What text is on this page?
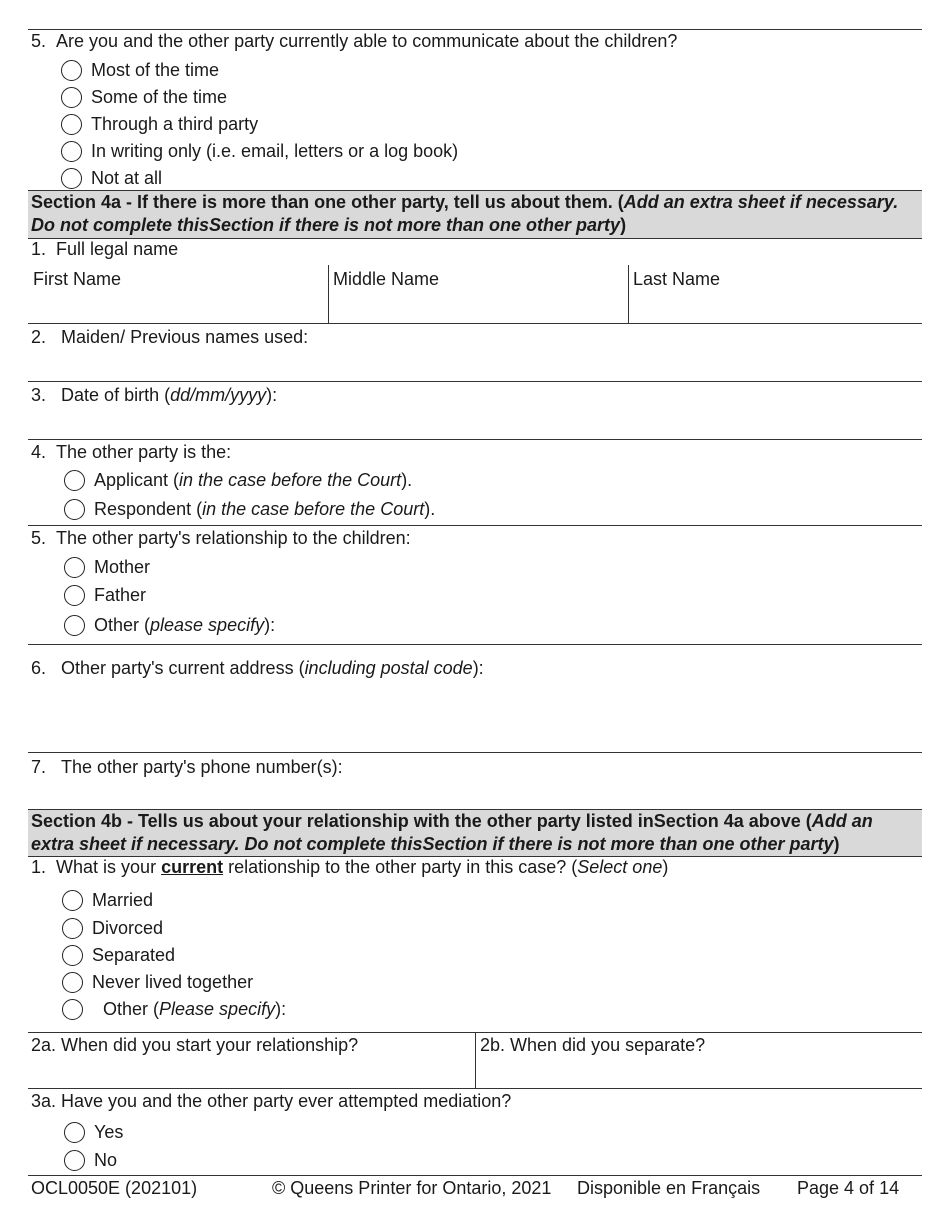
5. Are you and the other party currently able to communicate about the children?
Most of the time
Some of the time
Through a third party
In writing only (i.e. email, letters or a log book)
Not at all
Section 4a - If there is more than one other party, tell us about them. (Add an extra sheet if necessary. Do not complete thisSection if there is not more than one other party)
1. Full legal name
First Name	Middle Name	Last Name
2. Maiden/ Previous names used:
3. Date of birth (dd/mm/yyyy):
4. The other party is the:
Applicant (in the case before the Court).
Respondent (in the case before the Court).
5. The other party's relationship to the children:
Mother
Father
Other (please specify):
6. Other party's current address (including postal code):
7. The other party's phone number(s):
Section 4b - Tells us about your relationship with the other party listed inSection 4a above (Add an extra sheet if necessary. Do not complete thisSection if there is not more than one other party)
1. What is your current relationship to the other party in this case? (Select one)
Married
Divorced
Separated
Never lived together
Other (Please specify):
2a. When did you start your relationship?	2b. When did you separate?
3a. Have you and the other party ever attempted mediation?
Yes
No
OCL0050E (202101)	© Queens Printer for Ontario, 2021 Disponible en Français Page 4 of 14
